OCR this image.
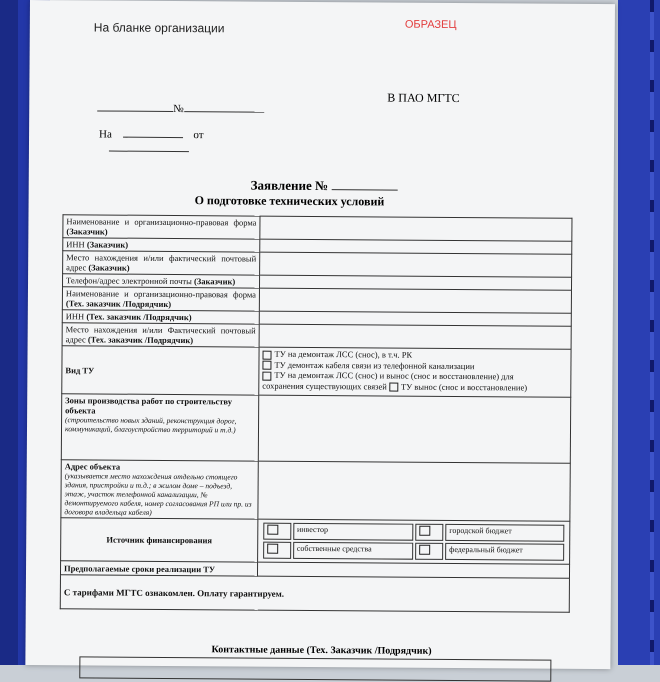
На бланке организации	ОБРАЗЕЦ
В ПАО МГТС
№
На	от
Заявление №
О подготовке технических условий
Наименование и организационно-правовая форма (Заказчик)	
ИНН (Заказчик)	
Место нахождения и/или фактический почтовый адрес (Заказчик)	
Телефон/адрес электронной почты (Заказчик)	
Наименование и организационно-правовая форма (Тех. заказчик /Подрядчик)	
ИНН (Тех. заказчик /Подрядчик)	
Место нахождения и/или Фактический почтовый адрес (Тех. заказчик /Подрядчик)	
Вид ТУ	
ТУ на демонтаж ЛСС (снос), в т.ч. РК
ТУ демонтаж кабеля связи из телефонной канализации
ТУ на демонтаж ЛСС (снос) и вынос (снос и восстановление) для
сохранения существующих связей ТУ вынос (снос и восстановление)

Зоны производства работ по строительству объекта
(строительство новых зданий, реконструкция дорог, коммуникаций, благоустройство территорий и т.д.)

Адрес объекта
(указывается место нахождения отдельно стоящего здания, пристройки и т.д.; в жилом доме – подъезд, этаж, участок телефонной канализации, № демонтируемого кабеля, номер согласования РП или пр. из договора владельца кабеля)

Источник финансирования	
	инвестор		городской бюджет
	собственные средства		федеральный бюджет

Предполагаемые сроки реализации ТУ	
С тарифами МГТС ознакомлен. Оплату гарантируем.
Контактные данные (Тех. Заказчик /Подрядчик)
